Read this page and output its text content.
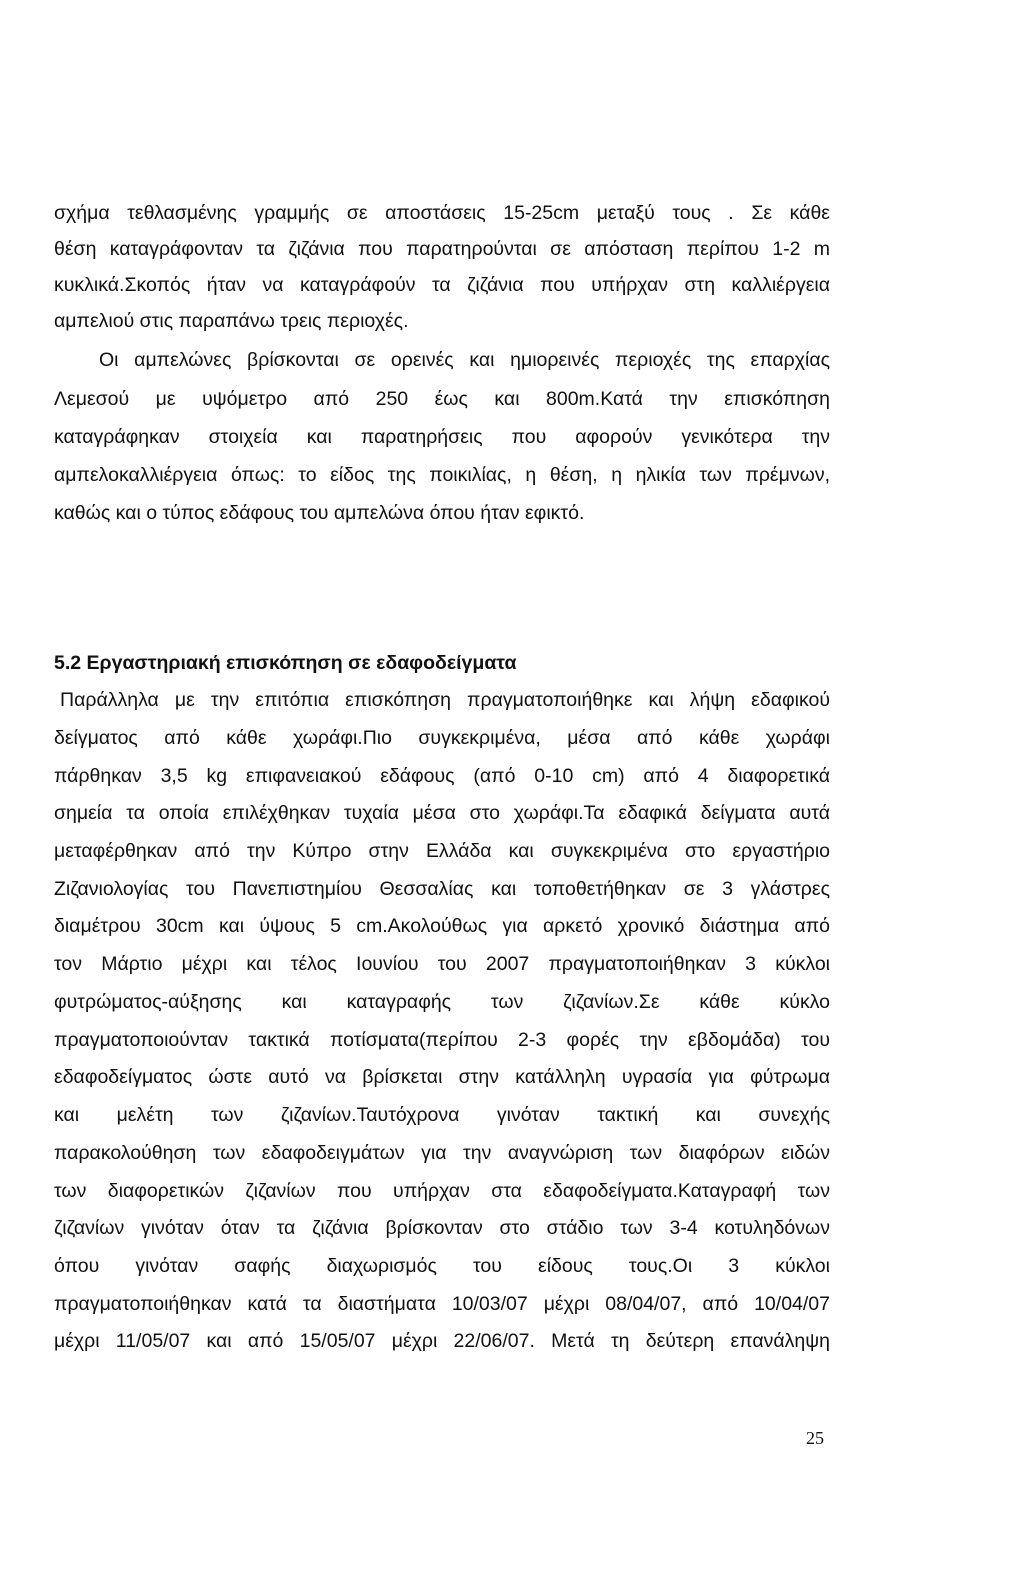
σχήμα τεθλασμένης γραμμής σε αποστάσεις 15-25cm μεταξύ τους . Σε κάθε
θέση καταγράφονταν τα ζιζάνια που παρατηρούνται σε απόσταση περίπου 1-2 m
κυκλικά.Σκοπός ήταν να καταγράφούν τα ζιζάνια που υπήρχαν στη καλλιέργεια
αμπελιού στις παραπάνω τρεις περιοχές.
Οι αμπελώνες βρίσκονται σε ορεινές και ημιορεινές περιοχές της επαρχίας
Λεμεσού με υψόμετρο από 250 έως και 800m.Κατά την επισκόπηση
καταγράφηκαν στοιχεία και παρατηρήσεις που αφορούν γενικότερα την
αμπελοκαλλιέργεια όπως: το είδος της ποικιλίας, η θέση, η ηλικία των πρέμνων,
καθώς και ο τύπος εδάφους του αμπελώνα όπου ήταν εφικτό.
5.2 Εργαστηριακή επισκόπηση σε εδαφοδείγματα
Παράλληλα με την επιτόπια επισκόπηση πραγματοποιήθηκε και λήψη εδαφικού
δείγματος από κάθε χωράφι.Πιο συγκεκριμένα, μέσα από κάθε χωράφι
πάρθηκαν 3,5 kg επιφανειακού εδάφους (από 0-10 cm) από 4 διαφορετικά
σημεία τα οποία επιλέχθηκαν τυχαία μέσα στο χωράφι.Τα εδαφικά δείγματα αυτά
μεταφέρθηκαν από την Κύπρο στην Ελλάδα και συγκεκριμένα στο εργαστήριο
Ζιζανιολογίας του Πανεπιστημίου Θεσσαλίας και τοποθετήθηκαν σε 3 γλάστρες
διαμέτρου 30cm και ύψους 5 cm.Ακολούθως για αρκετό χρονικό διάστημα από
τον Μάρτιο μέχρι και τέλος Ιουνίου του 2007 πραγματοποιήθηκαν 3 κύκλοι
φυτρώματος-αύξησης και καταγραφής των ζιζανίων.Σε κάθε κύκλο
πραγματοποιούνταν τακτικά ποτίσματα(περίπου 2-3 φορές την εβδομάδα) του
εδαφοδείγματος ώστε αυτό να βρίσκεται στην κατάλληλη υγρασία για φύτρωμα
και μελέτη των ζιζανίων.Ταυτόχρονα γινόταν τακτική και συνεχής
παρακολούθηση των εδαφοδειγμάτων για την αναγνώριση των διαφόρων ειδών
των διαφορετικών ζιζανίων που υπήρχαν στα εδαφοδείγματα.Καταγραφή των
ζιζανίων γινόταν όταν τα ζιζάνια βρίσκονταν στο στάδιο των 3-4 κοτυληδόνων
όπου γινόταν σαφής διαχωρισμός του είδους τους.Οι 3 κύκλοι
πραγματοποιήθηκαν κατά τα διαστήματα 10/03/07 μέχρι 08/04/07, από 10/04/07
μέχρι 11/05/07 και από 15/05/07 μέχρι 22/06/07. Μετά τη δεύτερη επανάληψη
25
